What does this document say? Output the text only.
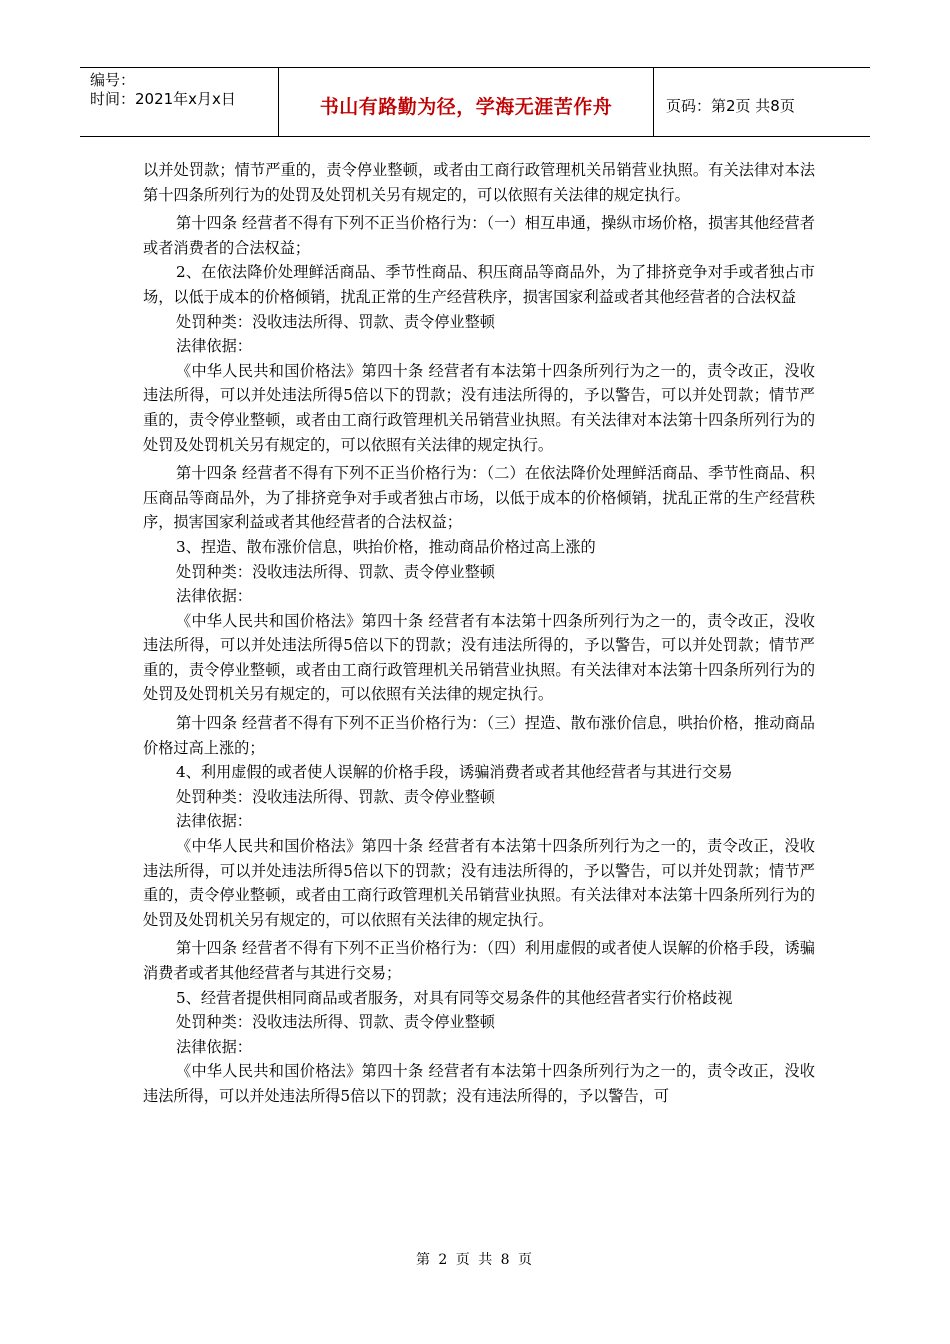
编号：
时间：2021年x月x日	书山有路勤为径，学海无涯苦作舟	页码：第2页 共8页

以并处罚款；情节严重的，责令停业整顿，或者由工商行政管理机关吊销营业执照。有关法律对本法第十四条所列行为的处罚及处罚机关另有规定的，可以依照有关法律的规定执行。

第十四条 经营者不得有下列不正当价格行为：（一）相互串通，操纵市场价格，损害其他经营者或者消费者的合法权益；

2、在依法降价处理鲜活商品、季节性商品、积压商品等商品外，为了排挤竞争对手或者独占市场，以低于成本的价格倾销，扰乱正常的生产经营秩序，损害国家利益或者其他经营者的合法权益

处罚种类：没收违法所得、罚款、责令停业整顿

法律依据：

《中华人民共和国价格法》第四十条 经营者有本法第十四条所列行为之一的，责令改正，没收违法所得，可以并处违法所得5倍以下的罚款；没有违法所得的，予以警告，可以并处罚款；情节严重的，责令停业整顿，或者由工商行政管理机关吊销营业执照。有关法律对本法第十四条所列行为的处罚及处罚机关另有规定的，可以依照有关法律的规定执行。

第十四条 经营者不得有下列不正当价格行为：（二）在依法降价处理鲜活商品、季节性商品、积压商品等商品外，为了排挤竞争对手或者独占市场，以低于成本的价格倾销，扰乱正常的生产经营秩序，损害国家利益或者其他经营者的合法权益；

3、捏造、散布涨价信息，哄抬价格，推动商品价格过高上涨的

处罚种类：没收违法所得、罚款、责令停业整顿

法律依据：

《中华人民共和国价格法》第四十条 经营者有本法第十四条所列行为之一的，责令改正，没收违法所得，可以并处违法所得5倍以下的罚款；没有违法所得的，予以警告，可以并处罚款；情节严重的，责令停业整顿，或者由工商行政管理机关吊销营业执照。有关法律对本法第十四条所列行为的处罚及处罚机关另有规定的，可以依照有关法律的规定执行。

第十四条 经营者不得有下列不正当价格行为：（三）捏造、散布涨价信息，哄抬价格，推动商品价格过高上涨的；

4、利用虚假的或者使人误解的价格手段，诱骗消费者或者其他经营者与其进行交易

处罚种类：没收违法所得、罚款、责令停业整顿

法律依据：

《中华人民共和国价格法》第四十条 经营者有本法第十四条所列行为之一的，责令改正，没收违法所得，可以并处违法所得5倍以下的罚款；没有违法所得的，予以警告，可以并处罚款；情节严重的，责令停业整顿，或者由工商行政管理机关吊销营业执照。有关法律对本法第十四条所列行为的处罚及处罚机关另有规定的，可以依照有关法律的规定执行。

第十四条 经营者不得有下列不正当价格行为：（四）利用虚假的或者使人误解的价格手段，诱骗消费者或者其他经营者与其进行交易；

5、经营者提供相同商品或者服务，对具有同等交易条件的其他经营者实行价格歧视

处罚种类：没收违法所得、罚款、责令停业整顿

法律依据：

《中华人民共和国价格法》第四十条 经营者有本法第十四条所列行为之一的，责令改正，没收违法所得，可以并处违法所得5倍以下的罚款；没有违法所得的，予以警告，可

第 2 页 共 8 页
